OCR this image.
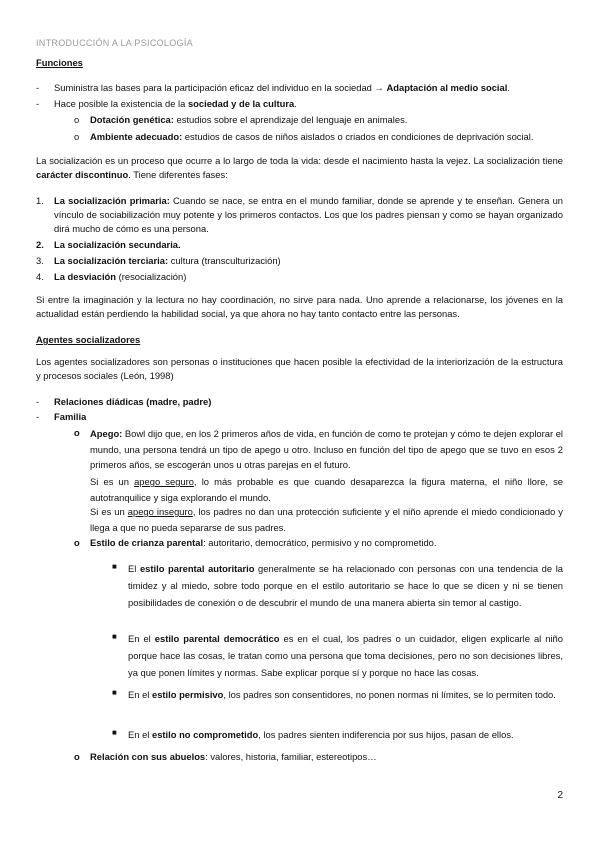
INTRODUCCIÓN A LA PSICOLOGÍA
Funciones
- Suministra las bases para la participación eficaz del individuo en la sociedad → Adaptación al medio social.
- Hace posible la existencia de la sociedad y de la cultura.
o Dotación genética: estudios sobre el aprendizaje del lenguaje en animales.
o Ambiente adecuado: estudios de casos de niños aislados o criados en condiciones de deprivación social.
La socialización es un proceso que ocurre a lo largo de toda la vida: desde el nacimiento hasta la vejez. La socialización tiene carácter discontinuo. Tiene diferentes fases:
1. La socialización primaria: Cuando se nace, se entra en el mundo familiar, donde se aprende y te enseñan. Genera un vínculo de sociabilización muy potente y los primeros contactos. Los que los padres piensan y como se hayan organizado dirá mucho de cómo es una persona.
2. La socialización secundaria.
3. La socialización terciaria: cultura (transculturización)
4. La desviación (resocialización)
Si entre la imaginación y la lectura no hay coordinación, no sirve para nada. Uno aprende a relacionarse, los jóvenes en la actualidad están perdiendo la habilidad social, ya que ahora no hay tanto contacto entre las personas.
Agentes socializadores
Los agentes socializadores son personas o instituciones que hacen posible la efectividad de la interiorización de la estructura y procesos sociales (León, 1998)
- Relaciones diádicas (madre, padre)
- Familia
o Apego: Bowl dijo que, en los 2 primeros años de vida, en función de como te protejan y cómo te dejen explorar el mundo, una persona tendrá un tipo de apego u otro. Incluso en función del tipo de apego que se tuvo en esos 2 primeros años, se escogerán unos u otras parejas en el futuro.
Si es un apego seguro, lo más probable es que cuando desaparezca la figura materna, el niño llore, se autotranquilice y siga explorando el mundo.
Si es un apego inseguro, los padres no dan una protección suficiente y el niño aprende el miedo condicionado y llega a que no pueda separarse de sus padres.
o Estilo de crianza parental: autoritario, democrático, permisivo y no comprometido.
■ El estilo parental autoritario generalmente se ha relacionado con personas con una tendencia de la timidez y al miedo, sobre todo porque en el estilo autoritario se hace lo que se dicen y ni se tienen posibilidades de conexión o de descubrir el mundo de una manera abierta sin temor al castigo.
■ En el estilo parental democrático es en el cual, los padres o un cuidador, eligen explicarle al niño porque hace las cosas, le tratan como una persona que toma decisiones, pero no son decisiones libres, ya que ponen límites y normas. Sabe explicar porque sí y porque no hace las cosas.
■ En el estilo permisivo, los padres son consentidores, no ponen normas ni límites, se lo permiten todo.
■ En el estilo no comprometido, los padres sienten indiferencia por sus hijos, pasan de ellos.
o Relación con sus abuelos: valores, historia, familiar, estereotipos…
2
